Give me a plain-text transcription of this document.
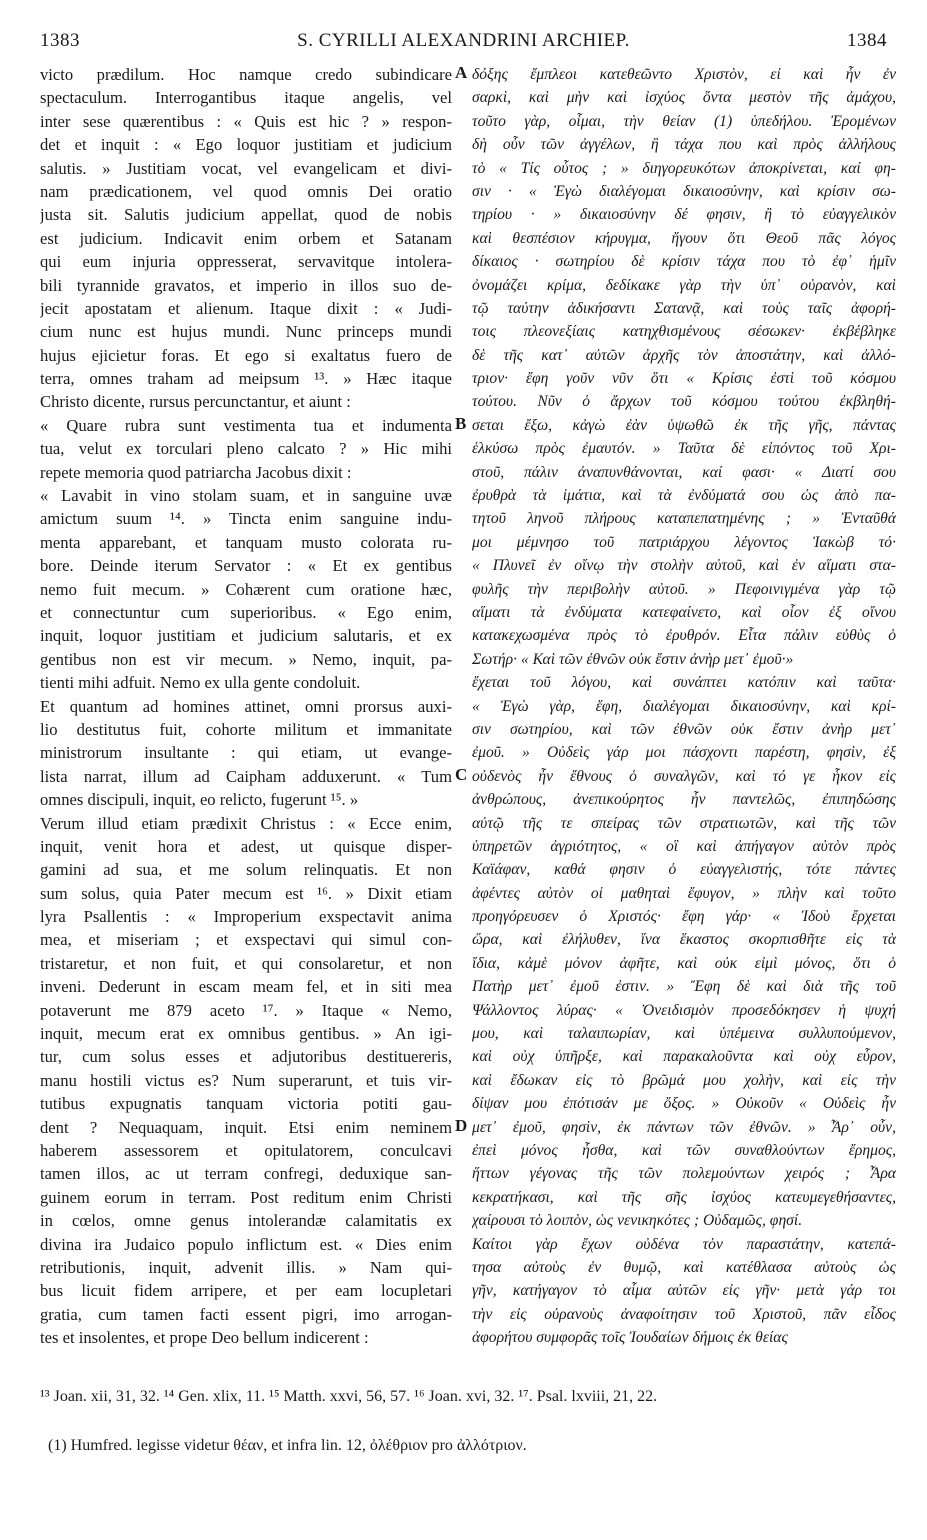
1383	S. CYRILLI ALEXANDRINI ARCHIEP.	1384
victo prædilum. Hoc namque credo subindicare
spectaculum. Interrogantibus itaque angelis, vel
inter sese quærentibus : « Quis est hic ? » respon-
det et inquit : « Ego loquor justitiam et judicium
salutis. » Justitiam vocat, vel evangelicam et divi-
nam prædicationem, vel quod omnis Dei oratio
justa sit. Salutis judicium appellat, quod de nobis
est judicium. Indicavit enim orbem et Satanam
qui eum injuria oppresserat, servavitque intolera-
bili tyrannide gravatos, et imperio in illos suo de-
jecit apostatam et alienum. Itaque dixit : « Judi-
cium nunc est hujus mundi. Nunc princeps mundi
hujus ejicietur foras. Et ego si exaltatus fuero de
terra, omnes traham ad meipsum ¹³. » Hæc itaque
Christo dicente, rursus percunctantur, et aiunt :
« Quare rubra sunt vestimenta tua et indumenta
tua, velut ex torculari pleno calcato ? » Hic mihi
repete memoria quod patriarcha Jacobus dixit :
« Lavabit in vino stolam suam, et in sanguine uvæ
amictum suum ¹⁴. » Tincta enim sanguine indu-
menta apparebant, et tanquam musto colorata ru-
bore. Deinde iterum Servator : « Et ex gentibus
nemo fuit mecum. » Cohærent cum oratione hæc,
et connectuntur cum superioribus. « Ego enim,
inquit, loquor justitiam et judicium salutaris, et ex
gentibus non est vir mecum. » Nemo, inquit, pa-
tienti mihi adfuit. Nemo ex ulla gente condoluit.
Et quantum ad homines attinet, omni prorsus auxi-
lio destitutus fuit, cohorte militum et immanitate
ministrorum insultante : qui etiam, ut evange-
lista narrat, illum ad Caipham adduxerunt. « Tum
omnes discipuli, inquit, eo relicto, fugerunt ¹⁵. »
Verum illud etiam prædixit Christus : « Ecce enim,
inquit, venit hora et adest, ut quisque disper-
gamini ad sua, et me solum relinquatis. Et non
sum solus, quia Pater mecum est ¹⁶. » Dixit etiam
lyra Psallentis : « Improperium exspectavit anima
mea, et miseriam ; et exspectavi qui simul con-
tristaretur, et non fuit, et qui consolaretur, et non
inveni. Dederunt in escam meam fel, et in siti mea
potaverunt me 879 aceto ¹⁷. » Itaque « Nemo,
inquit, mecum erat ex omnibus gentibus. » An igi-
tur, cum solus esses et adjutoribus destituereris,
manu hostili victus es? Num superarunt, et tuis vir-
tutibus expugnatis tanquam victoria potiti gau-
dent ? Nequaquam, inquit. Etsi enim neminem
haberem assessorem et opitulatorem, conculcavi
tamen illos, ac ut terram confregi, deduxique san-
guinem eorum in terram. Post reditum enim Christi
in cœlos, omne genus intolerandæ calamitatis ex
divina ira Judaico populo inflictum est. « Dies enim
retributionis, inquit, advenit illis. » Nam qui-
bus licuit fidem arripere, et per eam locupletari
gratia, cum tamen facti essent pigri, imo arrogan-
tes et insolentes, et prope Deo bellum indicerent :
δόξης ἔμπλεοι κατεθεῶντο Χριστὸν, εἰ καὶ ἦν ἐν
σαρκὶ, καὶ μὴν καὶ ἰσχύος ὄντα μεστὸν τῆς ἀμάχου,
τοῦτο γὰρ, οἶμαι, τὴν θείαν (1) ὑπεδήλου. Ἐρομένων
δὴ οὖν τῶν ἀγγέλων, ἢ τάχα που καὶ πρὸς ἀλλήλους
τὸ « Τίς οὗτος ; » διηγορευκότων ἀποκρίνεται, καί φη-
σιν · « Ἐγὼ διαλέγομαι δικαιοσύνην, καὶ κρίσιν σω-
τηρίου · » δικαιοσύνην δέ φησιν, ἢ τὸ εὐαγγελικὸν
καὶ θεσπέσιον κήρυγμα, ἤγουν ὅτι Θεοῦ πᾶς λόγος
δίκαιος · σωτηρίου δὲ κρίσιν τάχα που τὸ ἐφ᾿ ἡμῖν
ὀνομάζει κρίμα, δεδίκακε γὰρ τὴν ὑπ᾿ οὐρανὸν, καὶ
τῷ ταύτην ἀδικήσαντι Σατανᾷ, καὶ τοὺς ταῖς ἀφορή-
τοις πλεονεξίαις κατηχθισμένους σέσωκεν· ἐκβέβληκε
δὲ τῆς κατ᾿ αὐτῶν ἀρχῆς τὸν ἀποστάτην, καὶ ἀλλό-
τριον· ἔφη γοῦν νῦν ὅτι « Κρίσις ἐστὶ τοῦ κόσμου
τούτου. Νῦν ὁ ἄρχων τοῦ κόσμου τούτου ἐκβληθή-
σεται ἔξω, κἀγὼ ἐὰν ὑψωθῶ ἐκ τῆς γῆς, πάντας
ἑλκύσω πρὸς ἐμαυτόν. » Ταῦτα δὲ εἰπόντος τοῦ Χρι-
στοῦ, πάλιν ἀναπυνθάνονται, καί φασι· « Διατί σου
ἐρυθρὰ τὰ ἱμάτια, καὶ τὰ ἐνδύματά σου ὡς ἀπὸ πα-
τητοῦ ληνοῦ πλήρους καταπεπατημένης ; » Ἐνταῦθά
μοι μέμνησο τοῦ πατριάρχου λέγοντος Ἰακὼβ τό·
« Πλυνεῖ ἐν οἴνῳ τὴν στολὴν αὐτοῦ, καὶ ἐν αἵματι στα-
φυλῆς τὴν περιβολὴν αὐτοῦ. » Πεφοινιγμένα γὰρ τῷ
αἵματι τὰ ἐνδύματα κατεφαίνετο, καὶ οἷον ἐξ οἴνου
κατακεχωσμένα πρὸς τὸ ἐρυθρόν. Εἶτα πάλιν εὐθὺς ὁ
Σωτήρ· « Καὶ τῶν ἐθνῶν οὐκ ἔστιν ἀνὴρ μετ᾿ ἐμοῦ·»
ἔχεται τοῦ λόγου, καὶ συνάπτει κατόπιν καὶ ταῦτα·
« Ἐγὼ γὰρ, ἔφη, διαλέγομαι δικαιοσύνην, καὶ κρί-
σιν σωτηρίου, καὶ τῶν ἐθνῶν οὐκ ἔστιν ἀνὴρ μετ᾿
ἐμοῦ. » Οὐδεὶς γάρ μοι πάσχοντι παρέστη, φησὶν, ἐξ
οὐδενὸς ἦν ἔθνους ὁ συναλγῶν, καὶ τό γε ἧκον εἰς
ἀνθρώπους, ἀνεπικούρητος ἦν παντελῶς, ἐπιπηδώσης
αὐτῷ τῆς τε σπείρας τῶν στρατιωτῶν, καὶ τῆς τῶν
ὑπηρετῶν ἀγριότητος, « οἳ καὶ ἀπήγαγον αὐτὸν πρὸς
Καϊάφαν, καθά φησιν ὁ εὐαγγελιστής, τότε πάντες
ἀφέντες αὐτὸν οἱ μαθηταὶ ἔφυγον, » πλὴν καὶ τοῦτο
προηγόρευσεν ὁ Χριστός· ἔφη γάρ· « Ἰδοὺ ἔρχεται
ὥρα, καὶ ἐλήλυθεν, ἵνα ἕκαστος σκορπισθῆτε εἰς τὰ
ἴδια, κἀμὲ μόνον ἀφῆτε, καὶ οὐκ εἰμὶ μόνος, ὅτι ὁ
Πατὴρ μετ᾿ ἐμοῦ ἐστιν. » Ἔφη δὲ καὶ διὰ τῆς τοῦ
Ψάλλοντος λύρας· « Ὀνειδισμὸν προσεδόκησεν ἡ ψυχή
μου, καὶ ταλαιπωρίαν, καὶ ὑπέμεινα συλλυπούμενον,
καὶ οὐχ ὑπῆρξε, καὶ παρακαλοῦντα καὶ οὐχ εὗρον,
καὶ ἔδωκαν εἰς τὸ βρῶμά μου χολὴν, καὶ εἰς τὴν
δίψαν μου ἐπότισάν με ὄξος. » Οὐκοῦν « Οὐδεὶς ἦν
μετ᾿ ἐμοῦ, φησὶν, ἐκ πάντων τῶν ἐθνῶν. » Ἆρ᾿ οὖν,
ἐπεὶ μόνος ἦσθα, καὶ τῶν συναθλούντων ἔρημος,
ἥττων γέγονας τῆς τῶν πολεμούντων χειρός ; Ἆρα
κεκρατήκασι, καὶ τῆς σῆς ἰσχύος κατευμεγεθήσαντες,
χαίρουσι τὸ λοιπὸν, ὡς νενικηκότες ; Οὐδαμῶς, φησί.
Καίτοι γὰρ ἔχων οὐδένα τὸν παραστάτην, κατεπά-
τησα αὐτοὺς ἐν θυμῷ, καὶ κατέθλασα αὐτοὺς ὡς
γῆν, κατήγαγον τὸ αἷμα αὐτῶν εἰς γῆν· μετὰ γάρ τοι
τὴν εἰς οὐρανοὺς ἀναφοίτησιν τοῦ Χριστοῦ, πᾶν εἶδος
ἀφορήτου συμφορᾶς τοῖς Ἰουδαίων δήμοις ἐκ θείας
A
B
C
D
¹³ Joan. xii, 31, 32. ¹⁴ Gen. xlix, 11. ¹⁵ Matth. xxvi, 56, 57. ¹⁶ Joan. xvi, 32. ¹⁷. Psal. lxviii, 21, 22.
(1) Humfred. legisse videtur θέαν, et infra lin. 12, ὀλέθριον pro ἀλλότριον.
